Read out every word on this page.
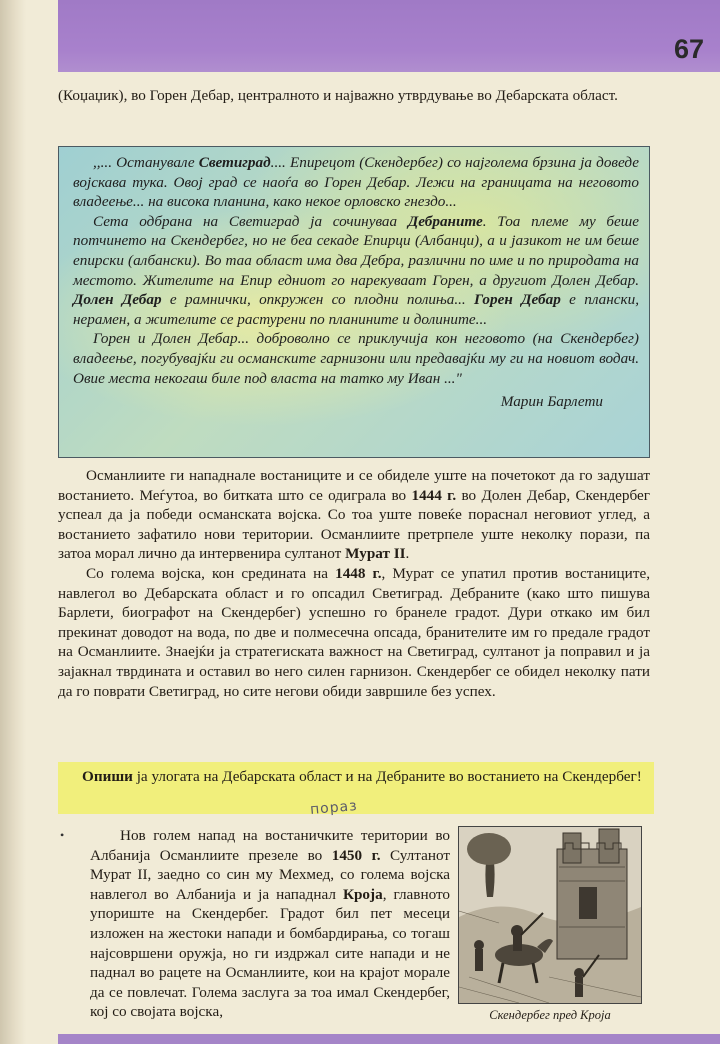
67

(Коџаџик), во Горен Дебар, централното и најважно утврдување во Дебарската област.

,,... Останувале Светиград.... Епирецот (Скендербег) со најголема брзина ја доведе војскава тука. Овој град се наоѓа во Горен Дебар. Лежи на границата на неговото владеење... на висока планина, како некое орловско гнездо...

Сета одбрана на Светиград ја сочинуваа Дебраните. Тоа племе му беше потчинето на Скендербег, но не беа секаде Епирци (Албанци), а и јазикот не им беше епирски (албански). Во таа област има два Дебра, различни по име и по природата на местото. Жителите на Епир едниот го нарекуваат Горен, а другиот Долен Дебар. Долен Дебар е рамнички, опкружен со плодни полиња... Горен Дебар е плански, нерамен, а жителите се растурени по планините и долините...

Горен и Долен Дебар... доброволно се приклучија кон неговото (на Скендербег) владеење, погубувајќи ги османските гарнизони или предавајќи му ги на новиот водач. Овие места некогаш биле под власта на татко му Иван ..."

Марин Барлети

Османлиите ги нападнале востаниците и се обиделе уште на почетокот да го задушат востанието. Меѓутоа, во битката што се одиграла во 1444 г. во Долен Дебар, Скендербег успеал да ја победи османската војска. Со тоа уште повеќе пораснал неговиот углед, а востанието зафатило нови територии. Османлиите претрпеле уште неколку порази, па затоа морал лично да интервенира султанот Мурат II.

Со голема војска, кон средината на 1448 г., Мурат се упатил против востаниците, навлегол во Дебарската област и го опсадил Светиград. Дебраните (како што пишува Барлети, биографот на Скендербег) успешно го бранеле градот. Дури откако им бил прекинат доводот на вода, по две и полмесечна опсада, бранителите им го предале градот на Османлиите. Знаејќи ја стратегиската важност на Светиград, султанот ја поправил и ја зајакнал тврдината и оставил во него силен гарнизон. Скендербег се обидел неколку пати да го поврати Светиград, но сите негови обиди завршиле без успех.

Опиши ја улогата на Дебарската област и на Дебраните во востанието на Скендербег!

пораз
•	Нов голем напад на востаничките територии во Албанија Османлиите презеле во 1450 г. Султанот Мурат II, заедно со син му Мехмед, со голема војска навлегол во Албанија и ја нападнал Крoја, главното упориште на Скендербег. Градот бил пет месеци изложен на жестоки напади и бомбардирања, со тогаш најсовршени оружја, но ги издржал сите напади и не паднал во рацете на Османлиите, кои на крајот морале да се повлечат. Голема заслуга за тоа имал Скендербег, кој со својата војска,	Скендербег пред Кроја
